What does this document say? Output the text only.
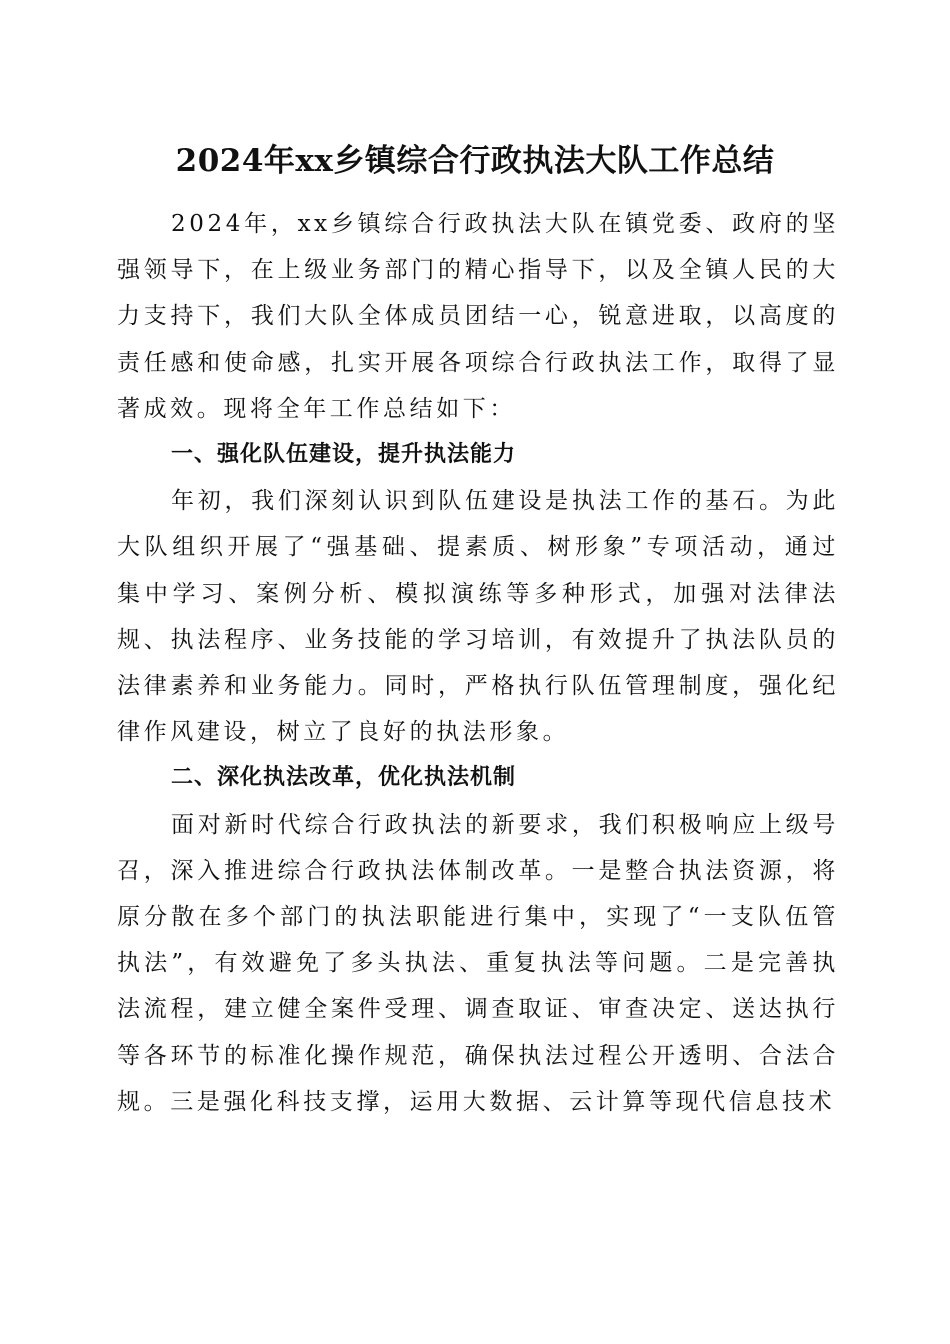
2024年xx乡镇综合行政执法大队工作总结

2024年，xx乡镇综合行政执法大队在镇党委、政府的坚强领导下，在上级业务部门的精心指导下，以及全镇人民的大力支持下，我们大队全体成员团结一心，锐意进取，以高度的责任感和使命感，扎实开展各项综合行政执法工作，取得了显著成效。现将全年工作总结如下：

一、强化队伍建设，提升执法能力

年初，我们深刻认识到队伍建设是执法工作的基石。为此大队组织开展了“强基础、提素质、树形象”专项活动，通过集中学习、案例分析、模拟演练等多种形式，加强对法律法规、执法程序、业务技能的学习培训，有效提升了执法队员的法律素养和业务能力。同时，严格执行队伍管理制度，强化纪律作风建设，树立了良好的执法形象。

二、深化执法改革，优化执法机制

面对新时代综合行政执法的新要求，我们积极响应上级号召，深入推进综合行政执法体制改革。一是整合执法资源，将原分散在多个部门的执法职能进行集中，实现了“一支队伍管执法”，有效避免了多头执法、重复执法等问题。二是完善执法流程，建立健全案件受理、调查取证、审查决定、送达执行等各环节的标准化操作规范，确保执法过程公开透明、合法合规。三是强化科技支撑，运用大数据、云计算等现代信息技术
